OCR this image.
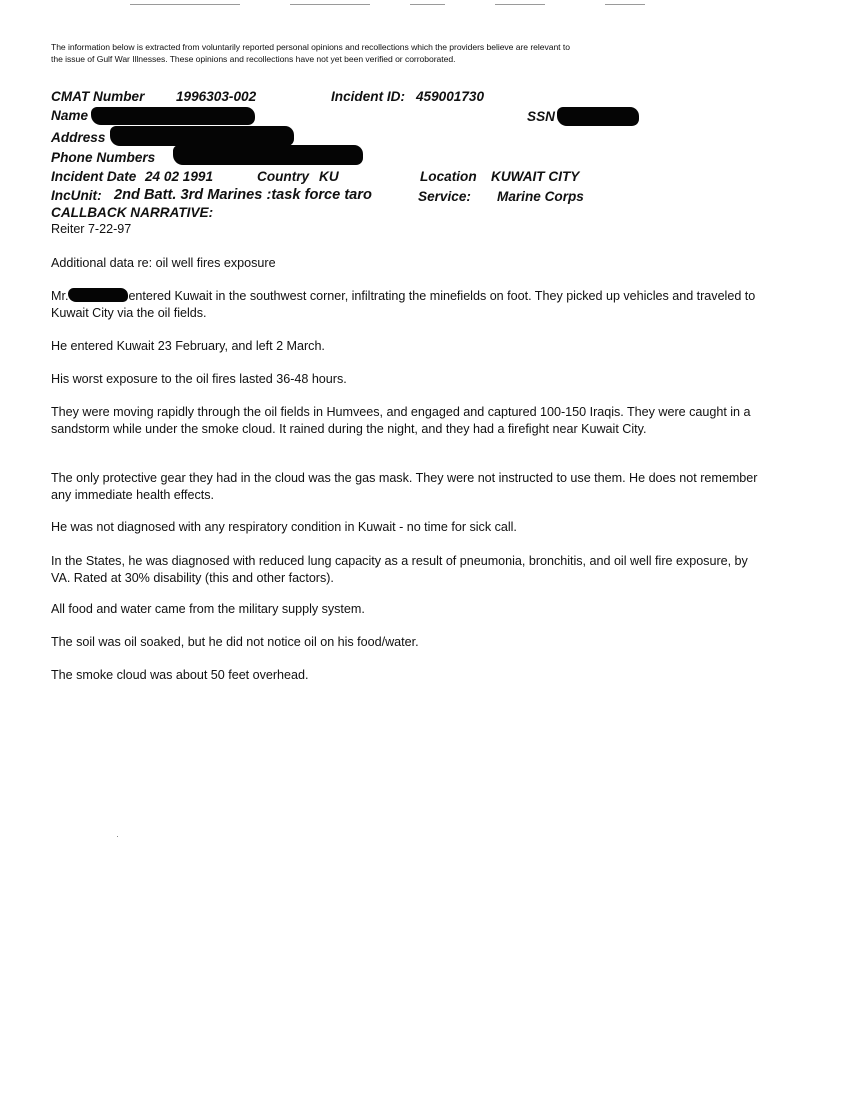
The information below is extracted from voluntarily reported personal opinions and recollections which the providers believe are relevant to the issue of Gulf War Illnesses. These opinions and recollections have not yet been verified or corroborated.
CMAT Number 1996303-002	Incident ID: 459001730
Name	SSN
Address
Phone Numbers
Incident Date 24 02 1991	Country KU	Location KUWAIT CITY
IncUnit: 2nd Batt. 3rd Marines :task force taro	Service: Marine Corps
CALLBACK NARRATIVE:
Reiter 7-22-97
Additional data re: oil well fires exposure
Mr.	entered Kuwait in the southwest corner, infiltrating the minefields on foot. They picked up vehicles and traveled to Kuwait City via the oil fields.
He entered Kuwait 23 February, and left 2 March.
His worst exposure to the oil fires lasted 36-48 hours.
They were moving rapidly through the oil fields in Humvees, and engaged and captured 100-150 Iraqis. They were caught in a sandstorm while under the smoke cloud. It rained during the night, and they had a firefight near Kuwait City.
The only protective gear they had in the cloud was the gas mask. They were not instructed to use them. He does not remember any immediate health effects.
He was not diagnosed with any respiratory condition in Kuwait - no time for sick call.
In the States, he was diagnosed with reduced lung capacity as a result of pneumonia, bronchitis, and oil well fire exposure, by VA. Rated at 30% disability (this and other factors).
All food and water came from the military supply system.
The soil was oil soaked, but he did not notice oil on his food/water.
The smoke cloud was about 50 feet overhead.
